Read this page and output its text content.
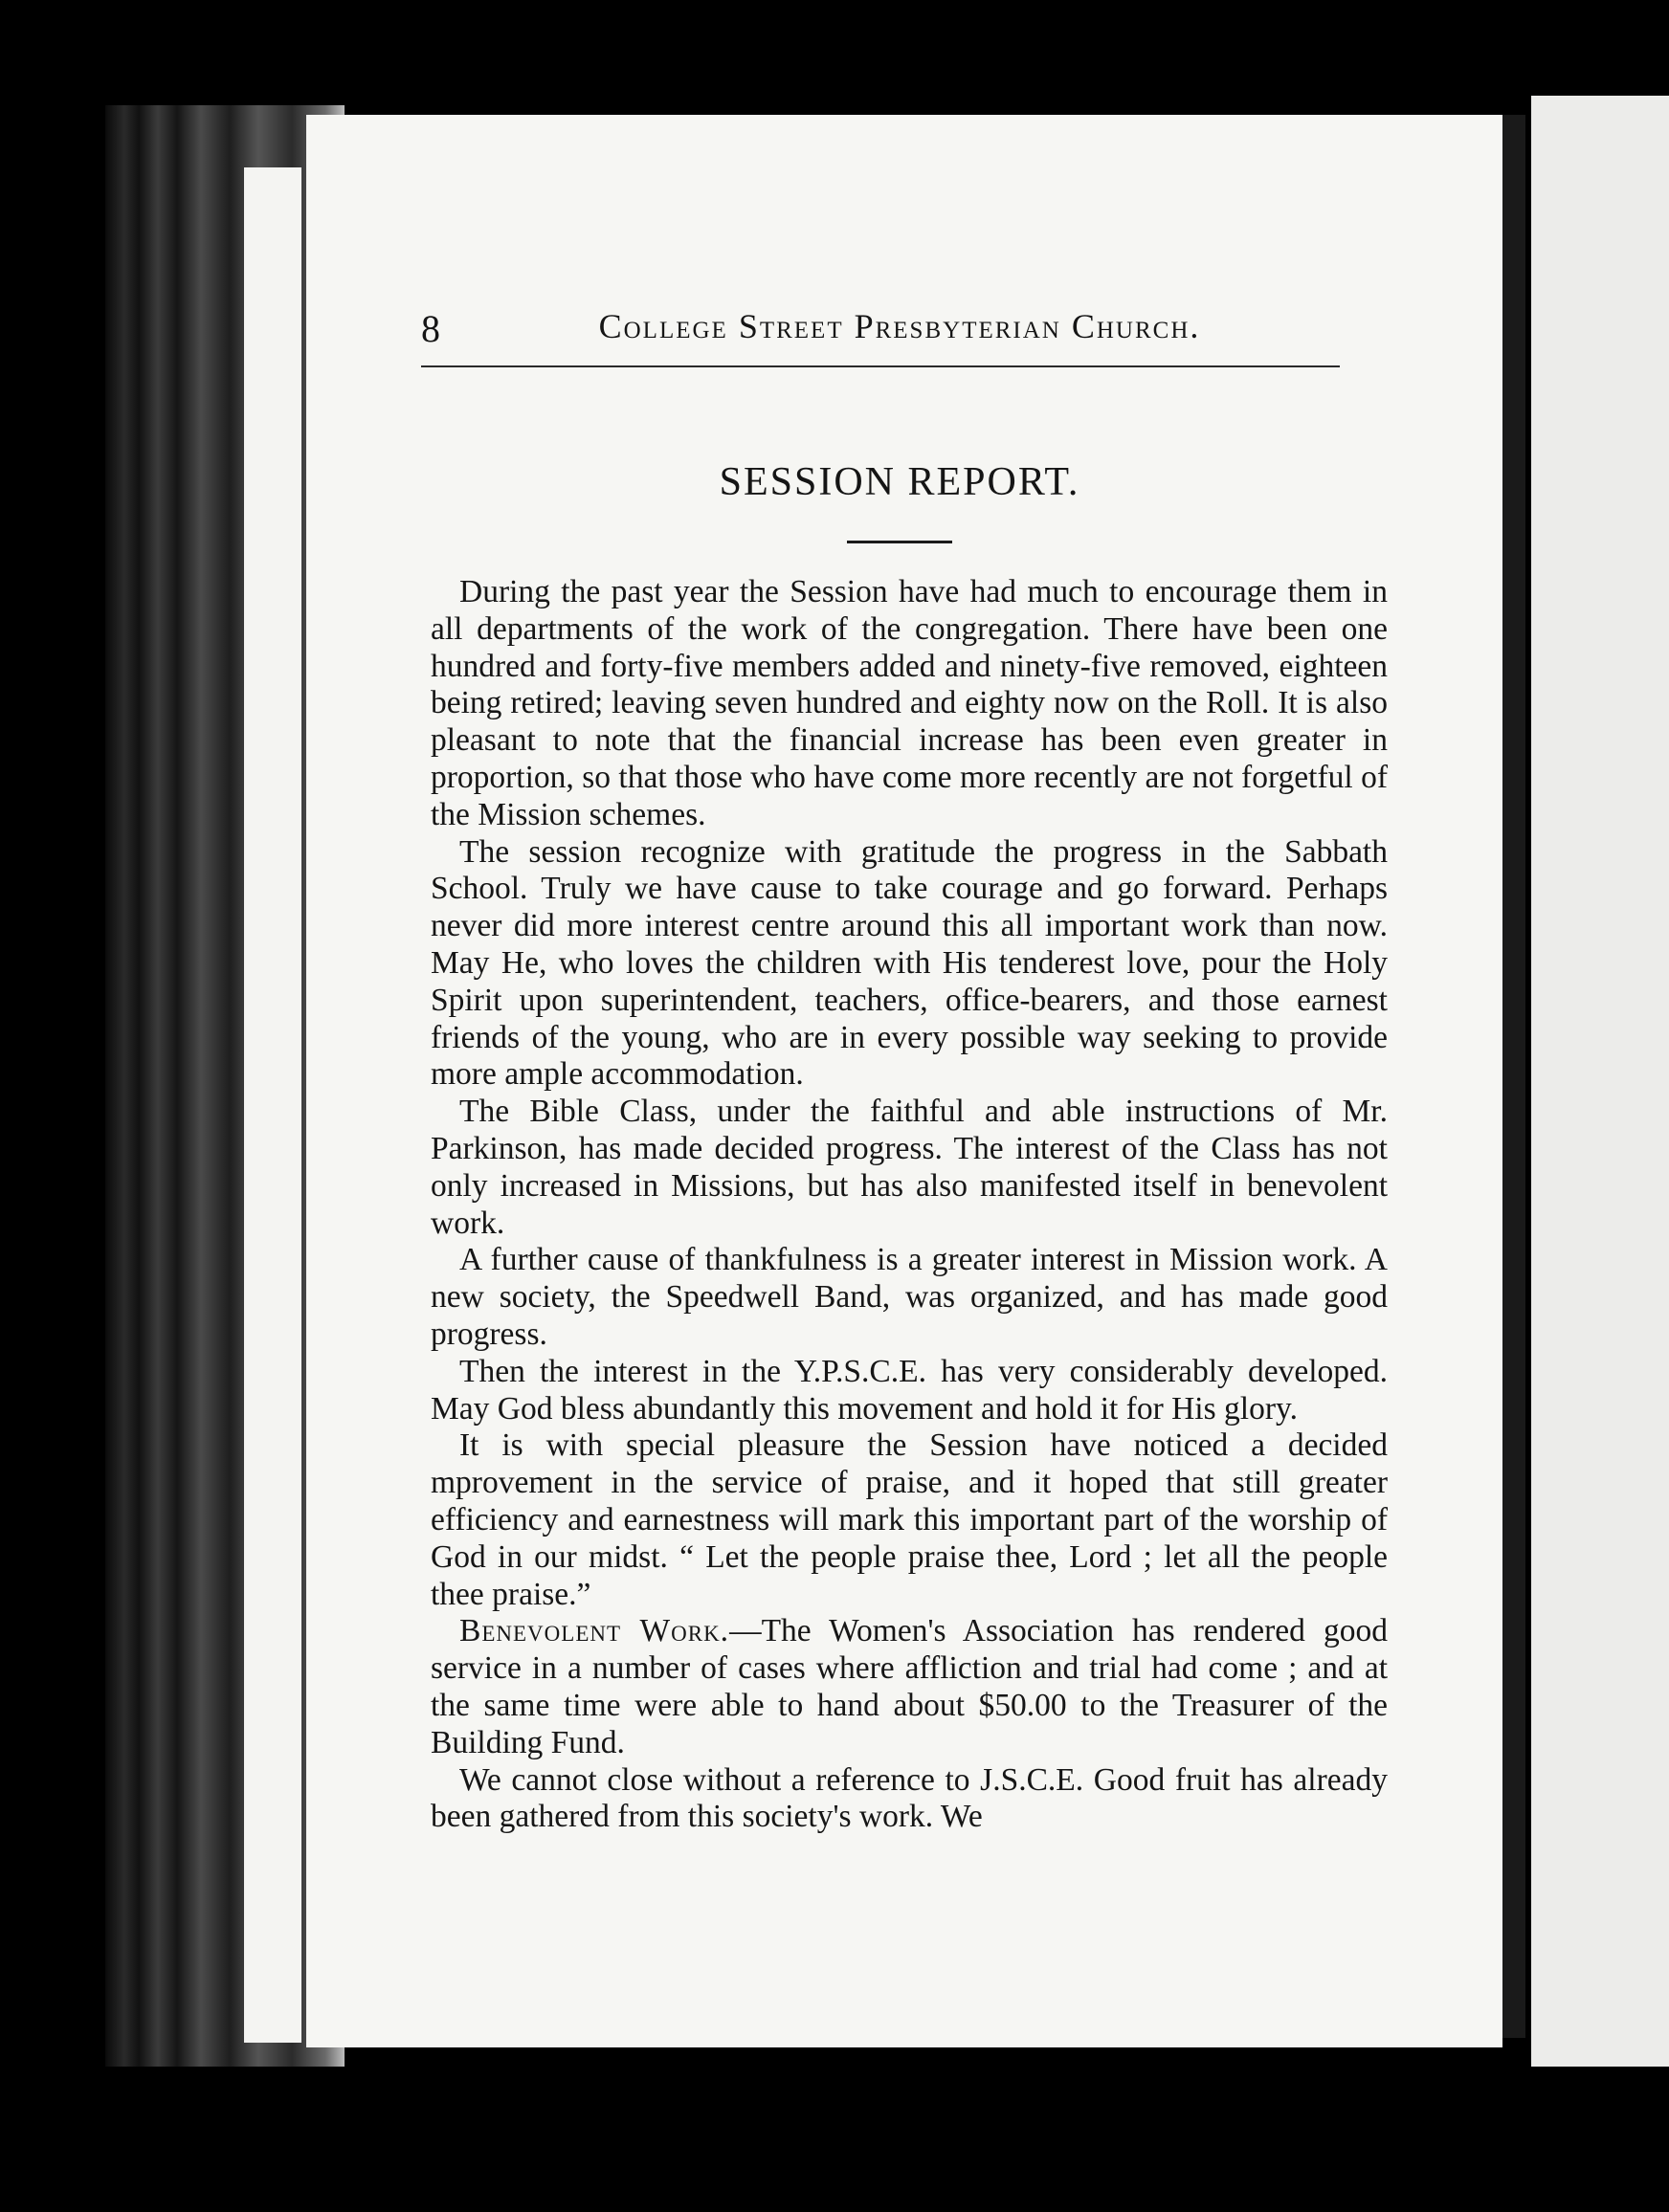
8	College Street Presbyterian Church.
SESSION REPORT.

During the past year the Session have had much to encourage them in all departments of the work of the congregation. There have been one hundred and forty-five members added and ninety-five removed, eighteen being retired; leaving seven hundred and eighty now on the Roll. It is also pleasant to note that the financial increase has been even greater in proportion, so that those who have come more recently are not forgetful of the Mission schemes.

The session recognize with gratitude the progress in the Sabbath School. Truly we have cause to take courage and go forward. Perhaps never did more interest centre around this all important work than now. May He, who loves the children with His tenderest love, pour the Holy Spirit upon superintendent, teachers, office-bearers, and those earnest friends of the young, who are in every possible way seeking to provide more ample accommodation.

The Bible Class, under the faithful and able instructions of Mr. Parkinson, has made decided progress. The interest of the Class has not only increased in Missions, but has also manifested itself in benevolent work.

A further cause of thankfulness is a greater interest in Mission work. A new society, the Speedwell Band, was organized, and has made good progress.

Then the interest in the Y.P.S.C.E. has very considerably developed. May God bless abundantly this movement and hold it for His glory.

It is with special pleasure the Session have noticed a decided mprovement in the service of praise, and it hoped that still greater efficiency and earnestness will mark this important part of the worship of God in our midst. “ Let the people praise thee, Lord ; let all the people thee praise.”

Benevolent Work.—The Women's Association has rendered good service in a number of cases where affliction and trial had come ; and at the same time were able to hand about $50.00 to the Treasurer of the Building Fund.

We cannot close without a reference to J.S.C.E. Good fruit has already been gathered from this society's work. We
